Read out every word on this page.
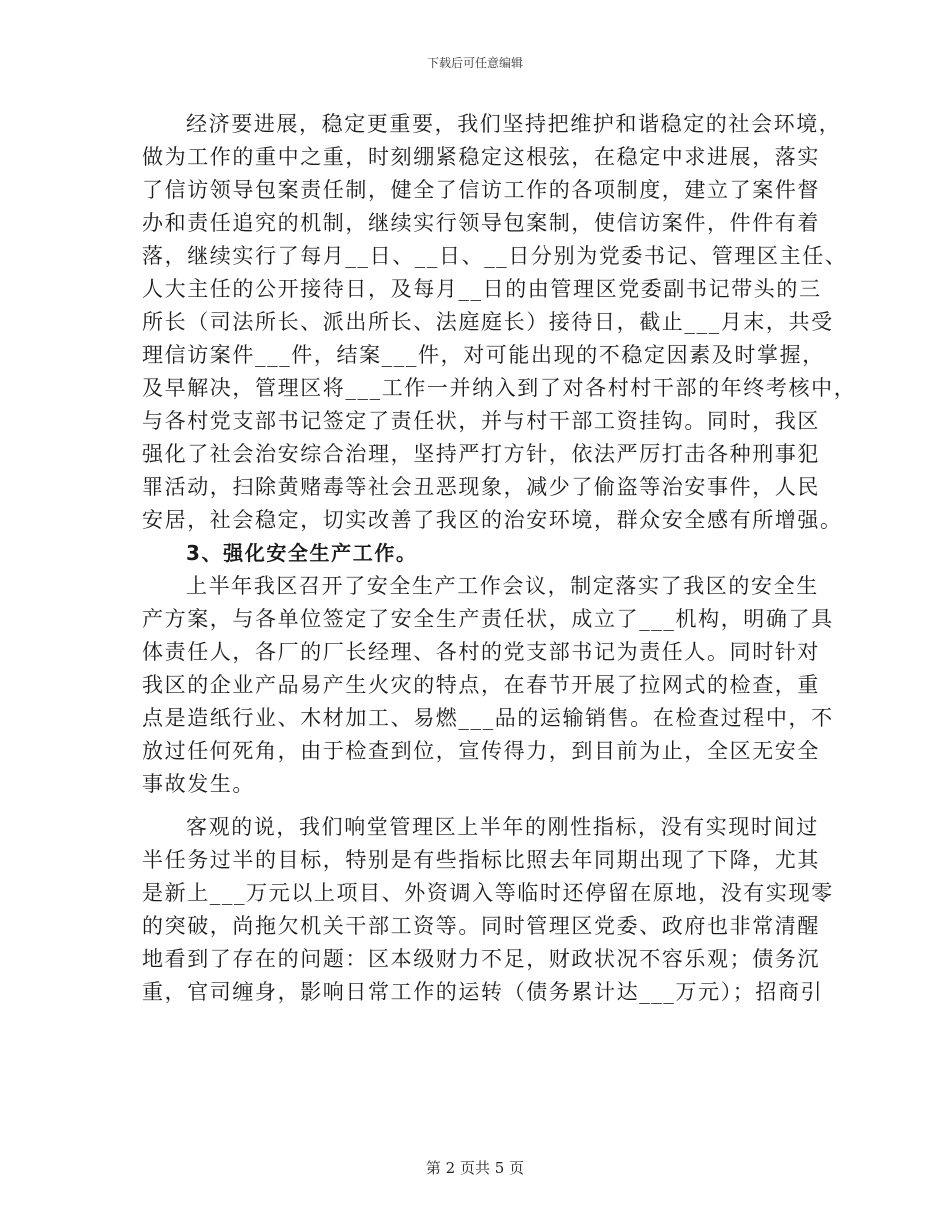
下载后可任意编辑
经济要进展，稳定更重要，我们坚持把维护和谐稳定的社会环境，
做为工作的重中之重，时刻绷紧稳定这根弦，在稳定中求进展，落实
了信访领导包案责任制，健全了信访工作的各项制度，建立了案件督
办和责任追究的机制，继续实行领导包案制，使信访案件，件件有着
落，继续实行了每月__日、__日、__日分别为党委书记、管理区主任、
人大主任的公开接待日，及每月__日的由管理区党委副书记带头的三
所长（司法所长、派出所长、法庭庭长）接待日，截止___月末，共受
理信访案件___件，结案___件，对可能出现的不稳定因素及时掌握，
及早解决，管理区将___工作一并纳入到了对各村村干部的年终考核中，
与各村党支部书记签定了责任状，并与村干部工资挂钩。同时，我区
强化了社会治安综合治理，坚持严打方针，依法严厉打击各种刑事犯
罪活动，扫除黄赌毒等社会丑恶现象，减少了偷盗等治安事件，人民
安居，社会稳定，切实改善了我区的治安环境，群众安全感有所增强。
3、强化安全生产工作。
上半年我区召开了安全生产工作会议，制定落实了我区的安全生
产方案，与各单位签定了安全生产责任状，成立了___机构，明确了具
体责任人，各厂的厂长经理、各村的党支部书记为责任人。同时针对
我区的企业产品易产生火灾的特点，在春节开展了拉网式的检查，重
点是造纸行业、木材加工、易燃___品的运输销售。在检查过程中，不
放过任何死角，由于检查到位，宣传得力，到目前为止，全区无安全
事故发生。
客观的说，我们响堂管理区上半年的刚性指标，没有实现时间过
半任务过半的目标，特别是有些指标比照去年同期出现了下降，尤其
是新上___万元以上项目、外资调入等临时还停留在原地，没有实现零
的突破，尚拖欠机关干部工资等。同时管理区党委、政府也非常清醒
地看到了存在的问题：区本级财力不足，财政状况不容乐观；债务沉
重，官司缠身，影响日常工作的运转（债务累计达___万元）；招商引
第 2 页共 5 页
